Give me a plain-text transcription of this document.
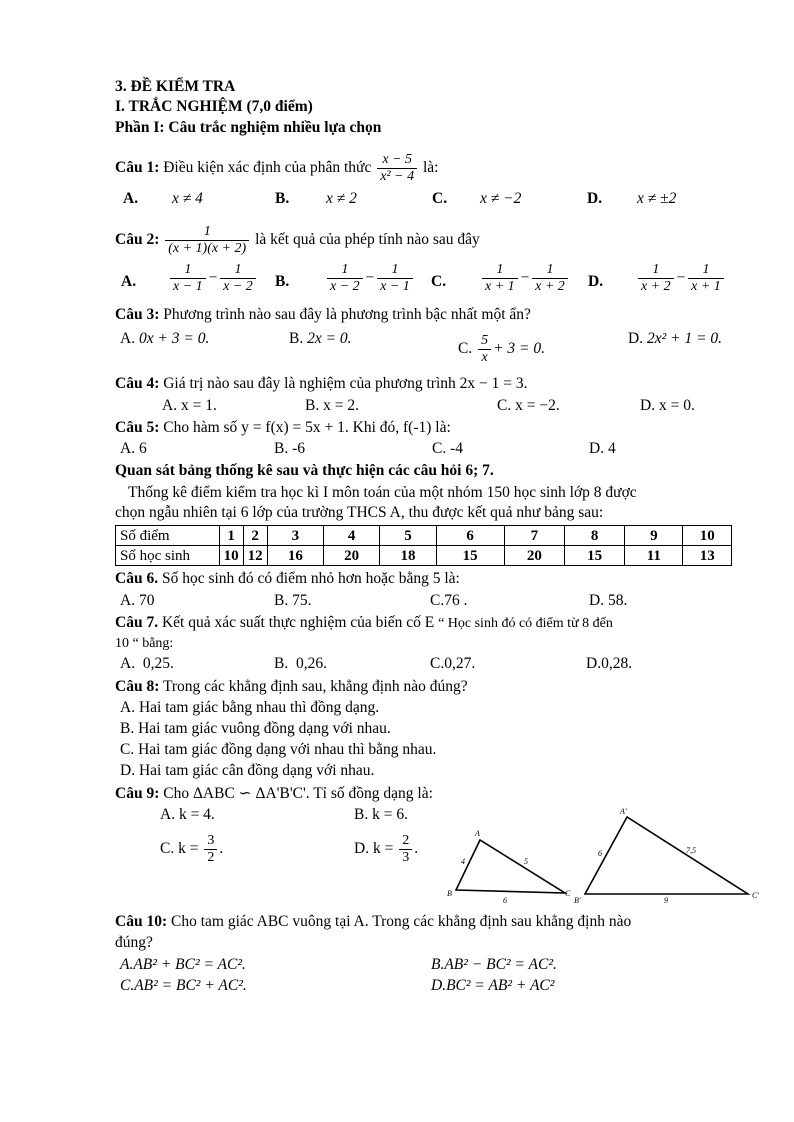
3. ĐỀ KIỂM TRA
I. TRẮC NGHIỆM (7,0 điểm)
Phần I: Câu trắc nghiệm nhiều lựa chọn
Câu 1: Điều kiện xác định của phân thức $\frac{x - 5}{\text{x² − 4}}$ là:
A. x ≠ 4	B. x ≠ 2	C. x ≠ −2	D. x ≠ ±2
Câu 2: $\frac{1}{(x + 1)(x + 2)}$ là kết quả của phép tính nào sau đây
A. $\frac{1}{x - 1} - \frac{1}{x - 2} B$.	$\frac{1}{x - 2} - \frac{1}{x - 1} C$.	$\frac{1}{x + 1} - \frac{1}{x + 2} D$. $\frac{1}{x + 2} - \frac{1}{x + 1}$
Câu 3: Phương trình nào sau đây là phương trình bậc nhất một ẩn?
A. 0x + 3 = 0.	B. 2x = 0.
C. $\frac{5}{x} + 3 = 0$.
D. 2x² + 1 = 0.
Câu 4: Giá trị nào sau đây là nghiệm của phương trình 2x − 1 = 3.
A. x = 1.	B. x = 2.	C. x = −2.	D. x = 0.
Câu 5: Cho hàm số y = f(x) = 5x + 1. Khi đó, f(-1) là:
A. 6	B. -6	C. -4	D. 4
Quan sát bảng thống kê sau và thực hiện các câu hỏi 6; 7.
Thống kê điểm kiểm tra học kì I môn toán của một nhóm 150 học sinh lớp 8 được
chọn ngẫu nhiên tại 6 lớp của trường THCS A, thu được kết quả như bảng sau:
Số điểm	1	2	3	4	5	6	7	8	9	10
Số học sinh	10	12	16	20	18	15	20	15	11	13
Câu 6. Số học sinh đó có điểm nhỏ hơn hoặc bằng 5 là:
A. 70	B. 75.	C.76 .	D. 58.
Câu 7. Kết quả xác suất thực nghiệm của biến cố E “ Học sinh đó có điểm từ 8 đến
10 “ bằng:
A. 0,25.	B. 0,26.	C.0,27.	D.0,28.
Câu 8: Trong các khẳng định sau, khẳng định nào đúng?
A. Hai tam giác bằng nhau thì đồng dạng.
B. Hai tam giác vuông đồng dạng với nhau.
C. Hai tam giác đồng dạng với nhau thì bằng nhau.
D. Hai tam giác cân đồng dạng với nhau.
Câu 9: Cho ΔABC ∽ ΔA'B'C'. Tỉ số đồng dạng là:
A. k = 4.	B. k = 6.
C. $k = \frac{3}{2}$ .	D. $k = \frac{2}{3}$ .
A
B	C
4	5
6
A'
B'
C'
6	7,5
9
Câu 10: Cho tam giác ABC vuông tại A. Trong các khẳng định sau khẳng định nào
đúng?
A.AB² + BC² = AC².	B.AB² − BC² = AC².
C.AB² = BC² + AC².	D.BC² = AB² + AC²
